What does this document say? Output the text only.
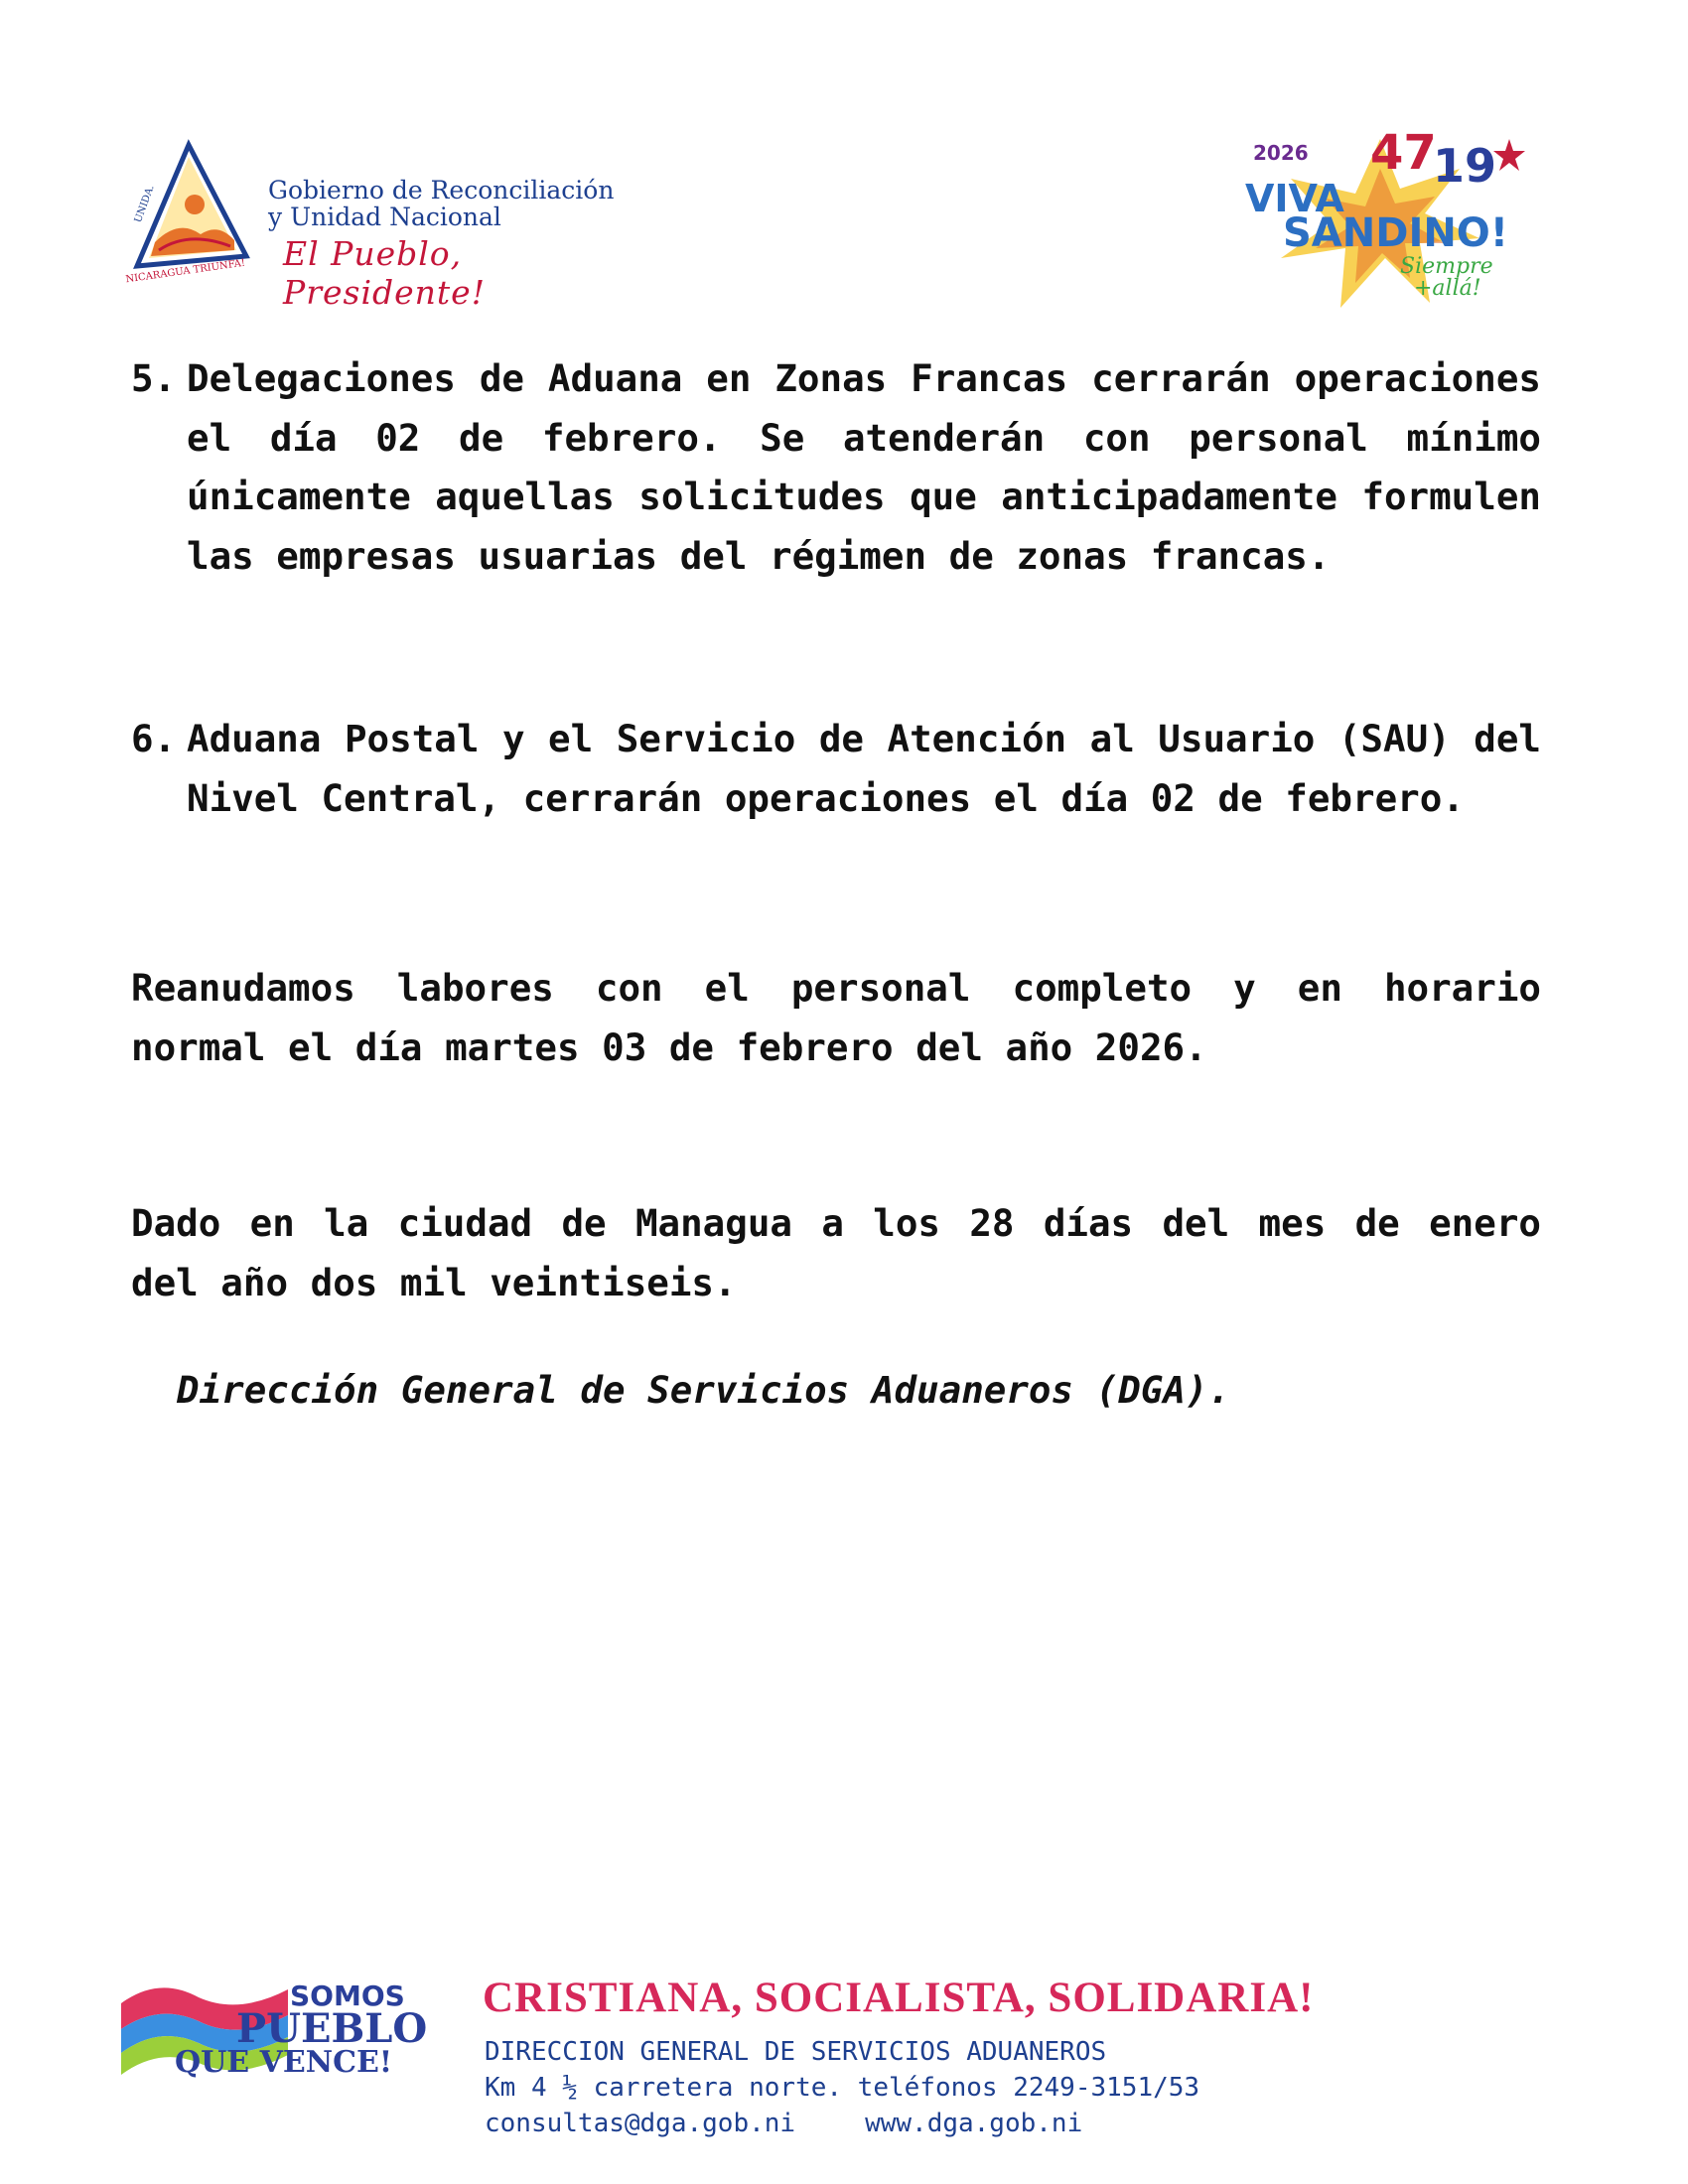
UNIDA.
NICARAGUA TRIUNFA!
Gobierno de Reconciliación
y Unidad Nacional
El Pueblo, Presidente!
2026 47
19
VIVA
SANDINO!
Siempre
+allá!
5. Delegaciones de Aduana en Zonas Francas cerrarán operaciones el día 02 de febrero. Se atenderán con personal mínimo únicamente aquellas solicitudes que anticipadamente formulen las empresas usuarias del régimen de zonas francas.
6. Aduana Postal y el Servicio de Atención al Usuario (SAU) del Nivel Central, cerrarán operaciones el día 02 de febrero.
Reanudamos labores con el personal completo y en horario normal el día martes 03 de febrero del año 2026.
Dado en la ciudad de Managua a los 28 días del mes de enero del año dos mil veintiseis.
Dirección General de Servicios Aduaneros (DGA).
SOMOS
PUEBLO
QUE VENCE!
CRISTIANA, SOCIALISTA, SOLIDARIA!
DIRECCION GENERAL DE SERVICIOS ADUANEROS
Km 4 ½ carretera norte. teléfonos 2249-3151/53
consultas@dga.gob.ni	www.dga.gob.ni
